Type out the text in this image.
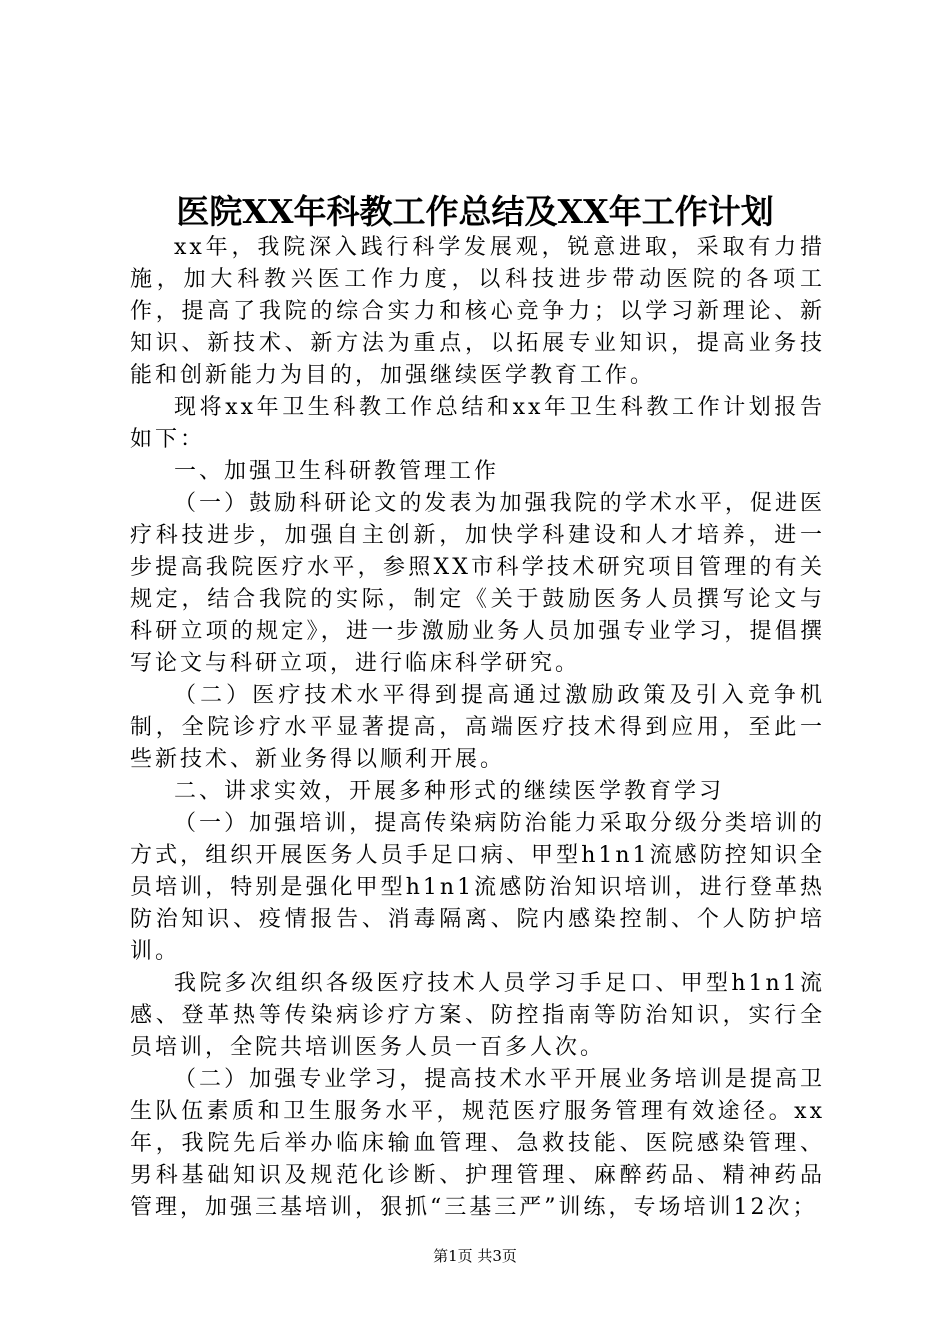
医院XX年科教工作总结及XX年工作计划

xx年，我院深入践行科学发展观，锐意进取，采取有力措施，加大科教兴医工作力度，以科技进步带动医院的各项工作，提高了我院的综合实力和核心竞争力；以学习新理论、新知识、新技术、新方法为重点，以拓展专业知识，提高业务技能和创新能力为目的，加强继续医学教育工作。

现将xx年卫生科教工作总结和xx年卫生科教工作计划报告如下：

一、加强卫生科研教管理工作

（一）鼓励科研论文的发表为加强我院的学术水平，促进医疗科技进步，加强自主创新，加快学科建设和人才培养，进一步提高我院医疗水平，参照XX市科学技术研究项目管理的有关规定，结合我院的实际，制定《关于鼓励医务人员撰写论文与科研立项的规定》，进一步激励业务人员加强专业学习，提倡撰写论文与科研立项，进行临床科学研究。

（二）医疗技术水平得到提高通过激励政策及引入竞争机制，全院诊疗水平显著提高，高端医疗技术得到应用，至此一些新技术、新业务得以顺利开展。

二、讲求实效，开展多种形式的继续医学教育学习

（一）加强培训，提高传染病防治能力采取分级分类培训的方式，组织开展医务人员手足口病、甲型h1n1流感防控知识全员培训，特别是强化甲型h1n1流感防治知识培训，进行登革热防治知识、疫情报告、消毒隔离、院内感染控制、个人防护培训。

我院多次组织各级医疗技术人员学习手足口、甲型h1n1流感、登革热等传染病诊疗方案、防控指南等防治知识，实行全员培训，全院共培训医务人员一百多人次。

（二）加强专业学习，提高技术水平开展业务培训是提高卫生队伍素质和卫生服务水平，规范医疗服务管理有效途径。xx年，我院先后举办临床输血管理、急救技能、医院感染管理、男科基础知识及规范化诊断、护理管理、麻醉药品、精神药品管理，加强三基培训，狠抓“三基三严”训练，专场培训12次；

第1页 共3页
